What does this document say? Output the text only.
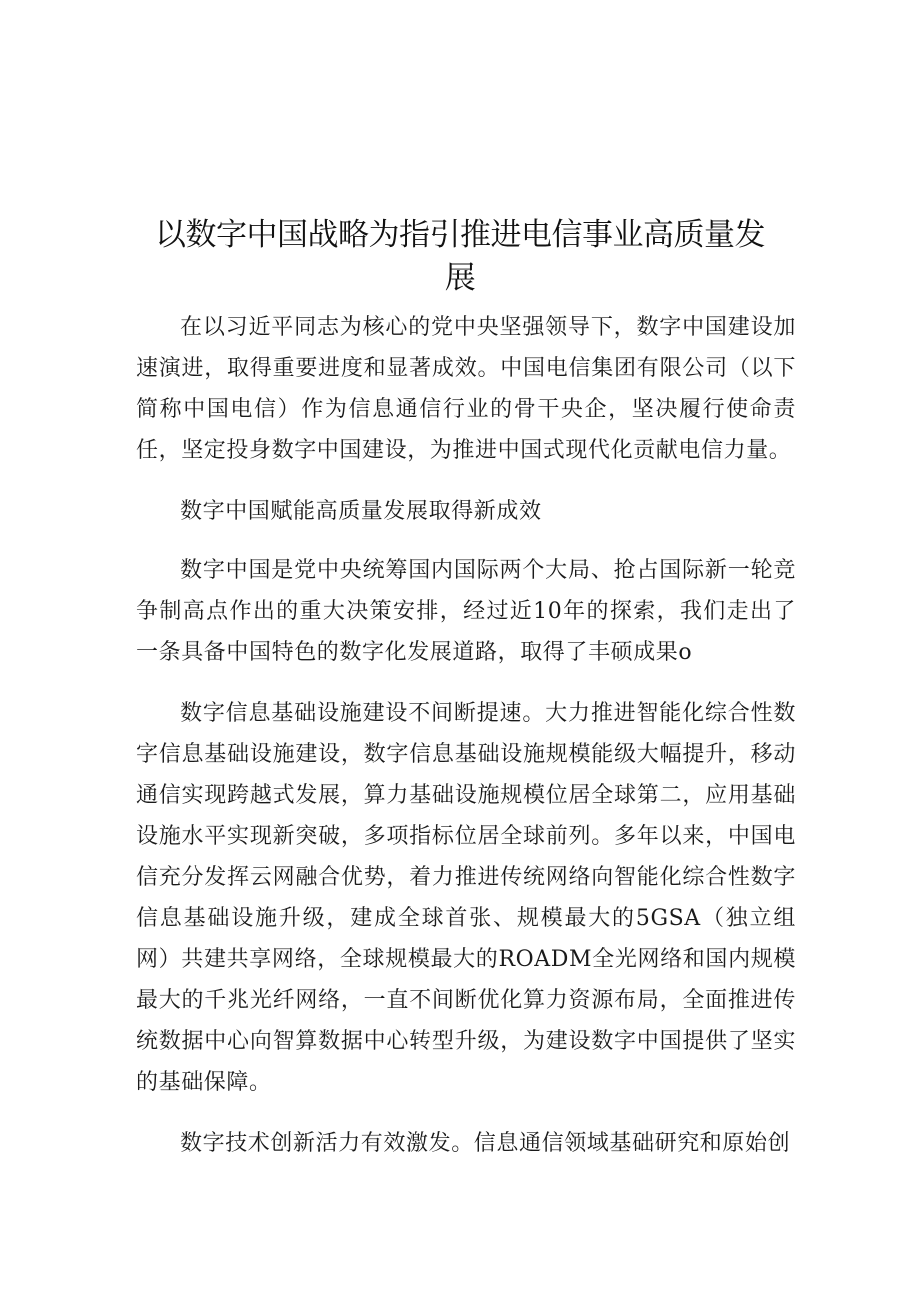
以数字中国战略为指引推进电信事业高质量发展

在以习近平同志为核心的党中央坚强领导下，数字中国建设加速演进，取得重要进度和显著成效。中国电信集团有限公司（以下简称中国电信）作为信息通信行业的骨干央企，坚决履行使命责任，坚定投身数字中国建设，为推进中国式现代化贡献电信力量。

数字中国赋能高质量发展取得新成效

数字中国是党中央统筹国内国际两个大局、抢占国际新一轮竞争制高点作出的重大决策安排，经过近10年的探索，我们走出了一条具备中国特色的数字化发展道路，取得了丰硕成果o

数字信息基础设施建设不间断提速。大力推进智能化综合性数字信息基础设施建设，数字信息基础设施规模能级大幅提升，移动通信实现跨越式发展，算力基础设施规模位居全球第二，应用基础设施水平实现新突破，多项指标位居全球前列。多年以来，中国电信充分发挥云网融合优势，着力推进传统网络向智能化综合性数字信息基础设施升级，建成全球首张、规模最大的5GSA（独立组网）共建共享网络，全球规模最大的ROADM全光网络和国内规模最大的千兆光纤网络，一直不间断优化算力资源布局，全面推进传统数据中心向智算数据中心转型升级，为建设数字中国提供了坚实的基础保障。

数字技术创新活力有效激发。信息通信领域基础研究和原始创
